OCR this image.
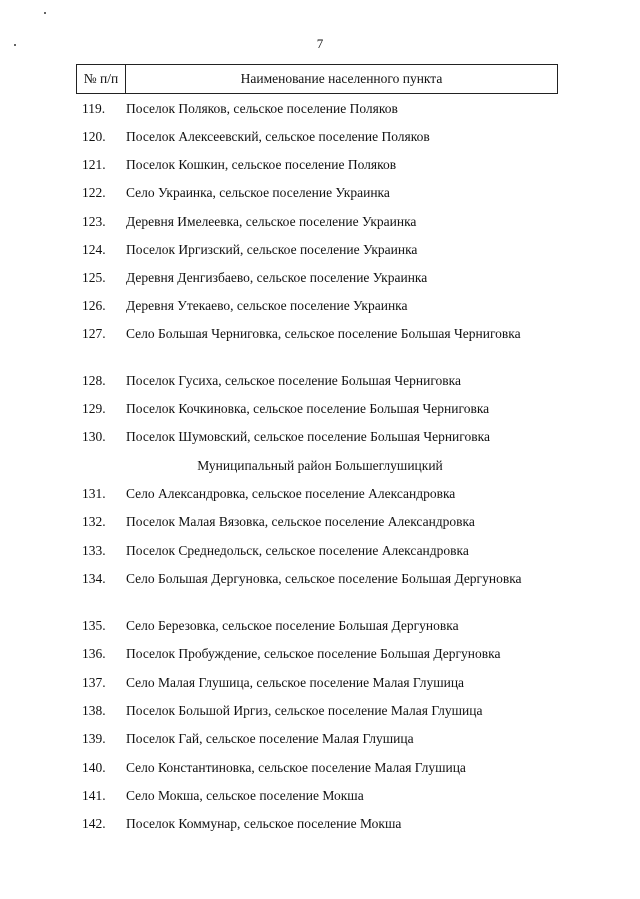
7
№ п/п	Наименование населенного пункта
119.	Поселок Поляков, сельское поселение Поляков
120.	Поселок Алексеевский, сельское поселение Поляков
121.	Поселок Кошкин, сельское поселение Поляков
122.	Село Украинка, сельское поселение Украинка
123.	Деревня Имелеевка, сельское поселение Украинка
124.	Поселок Иргизский, сельское поселение Украинка
125.	Деревня Денгизбаево, сельское поселение Украинка
126.	Деревня Утекаево, сельское поселение Украинка
127.	Село Большая Черниговка, сельское поселение Большая Черниговка
128.	Поселок Гусиха, сельское поселение Большая Черниговка
129.	Поселок Кочкиновка, сельское поселение Большая Черниговка
130.	Поселок Шумовский, сельское поселение Большая Черниговка
Муниципальный район Большеглушицкий
131.	Село Александровка, сельское поселение Александровка
132.	Поселок Малая Вязовка, сельское поселение Александровка
133.	Поселок Среднедольск, сельское поселение Александровка
134.	Село Большая Дергуновка, сельское поселение Большая Дергуновка
135.	Село Березовка, сельское поселение Большая Дергуновка
136.	Поселок Пробуждение, сельское поселение Большая Дергуновка
137.	Село Малая Глушица, сельское поселение Малая Глушица
138.	Поселок Большой Иргиз, сельское поселение Малая Глушица
139.	Поселок Гай, сельское поселение Малая Глушица
140.	Село Константиновка, сельское поселение Малая Глушица
141.	Село Мокша, сельское поселение Мокша
142.	Поселок Коммунар, сельское поселение Мокша
